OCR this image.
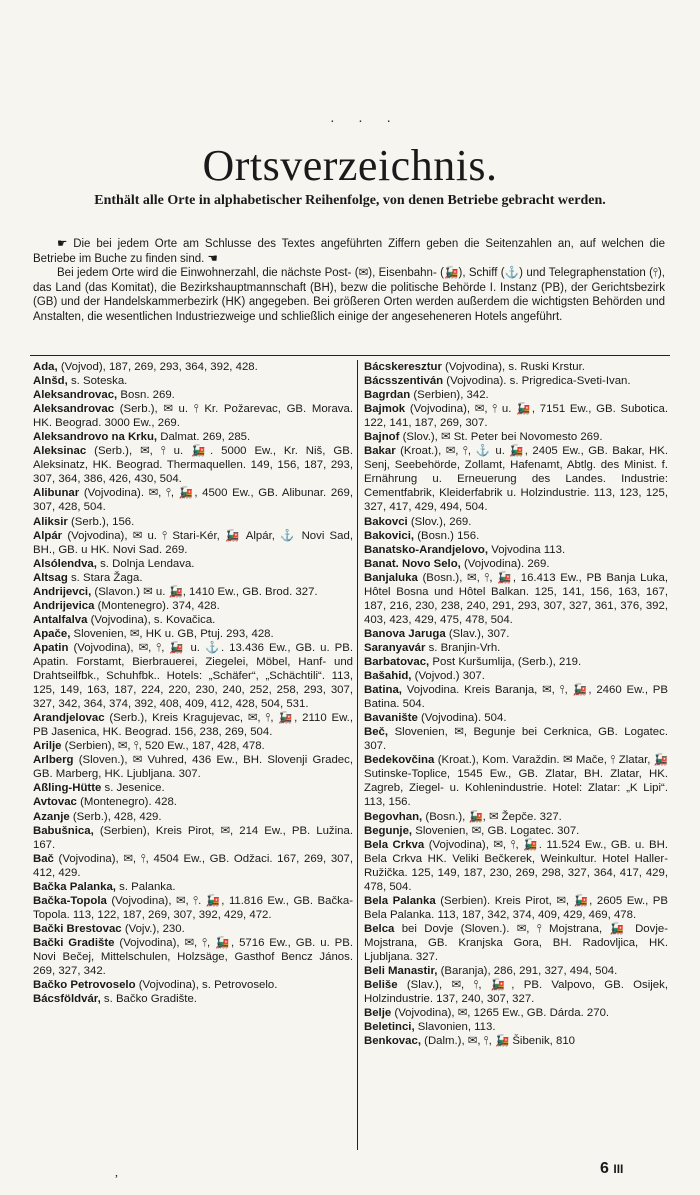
· · ·
Ortsverzeichnis.
Enthält alle Orte in alphabetischer Reihenfolge, von denen Betriebe gebracht werden.

☛ Die bei jedem Orte am Schlusse des Textes angeführten Ziffern geben die Seitenzahlen an, auf welchen die Betriebe im Buche zu finden sind. ☚

Bei jedem Orte wird die Einwohnerzahl, die nächste Post- (✉), Eisenbahn- (🚂), Schiff (⚓) und Telegraphenstation (⫯), das Land (das Komitat), die Bezirkshauptmannschaft (BH), bezw die politische Behörde I. Instanz (PB), der Gerichtsbezirk (GB) und der Handelskammerbezirk (HK) angegeben. Bei größeren Orten werden außerdem die wichtigsten Behörden und Anstalten, die wesentlichen Industriezweige und schließlich einige der angeseheneren Hotels angeführt.

Ada, (Vojvod), 187, 269, 293, 364, 392, 428.

Alnšd, s. Soteska.

Aleksandrovac, Bosn. 269.

Aleksandrovac (Serb.), ✉ u. ⫯ Kr. Požarevac, GB. Morava. HK. Beograd. 3000 Ew., 269.

Aleksandrovo na Krku, Dalmat. 269, 285.

Aleksinac (Serb.), ✉, ⫯ u. 🚂. 5000 Ew., Kr. Niš, GB. Aleksinatz, HK. Beograd. Thermaquellen. 149, 156, 187, 293, 307, 364, 386, 426, 430, 504.

Alibunar (Vojvodina). ✉, ⫯, 🚂, 4500 Ew., GB. Alibunar. 269, 307, 428, 504.

Aliksir (Serb.), 156.

Alpár (Vojvodina), ✉ u. ⫯ Stari-Kér, 🚂 Alpár, ⚓ Novi Sad, BH., GB. u HK. Novi Sad. 269.

Alsólendva, s. Dolnja Lendava.

Altsag s. Stara Žaga.

Andrijevci, (Slavon.) ✉ u. 🚂, 1410 Ew., GB. Brod. 327.

Andrijevica (Montenegro). 374, 428.

Antalfalva (Vojvodina), s. Kovačica.

Apače, Slovenien, ✉, HK u. GB, Ptuj. 293, 428.

Apatin (Vojvodina), ✉, ⫯, 🚂 u. ⚓. 13.436 Ew., GB. u. PB. Apatin. Forstamt, Bierbrauerei, Ziegelei, Möbel, Hanf- und Drahtseilfbk., Schuhfbk.. Hotels: „Schäfer“, „Schächtili“. 113, 125, 149, 163, 187, 224, 220, 230, 240, 252, 258, 293, 307, 327, 342, 364, 374, 392, 408, 409, 412, 428, 504, 531.

Arandjelovac (Serb.), Kreis Kragujevac, ✉, ⫯, 🚂, 2110 Ew., PB Jasenica, HK. Beograd. 156, 238, 269, 504.

Arilje (Serbien), ✉, ⫯, 520 Ew., 187, 428, 478.

Arlberg (Sloven.), ✉ Vuhred, 436 Ew., BH. Slovenji Gradec, GB. Marberg, HK. Ljubljana. 307.

Aßling-Hütte s. Jesenice.

Avtovac (Montenegro). 428.

Azanje (Serb.), 428, 429.

Babušnica, (Serbien), Kreis Pirot, ✉, 214 Ew., PB. Lužina. 167.

Bač (Vojvodina), ✉, ⫯, 4504 Ew., GB. Odžaci. 167, 269, 307, 412, 429.

Bačka Palanka, s. Palanka.

Bačka-Topola (Vojvodina), ✉, ⫯. 🚂, 11.816 Ew., GB. Bačka-Topola. 113, 122, 187, 269, 307, 392, 429, 472.

Bački Brestovac (Vojv.), 230.

Bački Gradište (Vojvodina), ✉, ⫯, 🚂, 5716 Ew., GB. u. PB. Novi Bečej, Mittelschulen, Holzsäge, Gasthof Bencz János. 269, 327, 342.

Bačko Petrovoselo (Vojvodina), s. Petrovoselo.

Bácsföldvár, s. Bačko Gradište.

Bácskeresztur (Vojvodina), s. Ruski Krstur.

Bácsszentiván (Vojvodina). s. Prigredica-Sveti-Ivan.

Bagrdan (Serbien), 342.

Bajmok (Vojvodina), ✉, ⫯ u. 🚂, 7151 Ew., GB. Subotica. 122, 141, 187, 269, 307.

Bajnof (Slov.), ✉ St. Peter bei Novomesto 269.

Bakar (Kroat.), ✉, ⫯, ⚓ u. 🚂, 2405 Ew., GB. Bakar, HK. Senj, Seebehörde, Zollamt, Hafenamt, Abtlg. des Minist. f. Ernährung u. Erneuerung des Landes. Industrie: Cementfabrik, Kleiderfabrik u. Holzindustrie. 113, 123, 125, 327, 417, 429, 494, 504.

Bakovci (Slov.), 269.

Bakovici, (Bosn.) 156.

Banatsko-Arandjelovo, Vojvodina 113.

Banat. Novo Selo, (Vojvodina). 269.

Banjaluka (Bosn.), ✉, ⫯, 🚂, 16.413 Ew., PB Banja Luka, Hôtel Bosna und Hôtel Balkan. 125, 141, 156, 163, 167, 187, 216, 230, 238, 240, 291, 293, 307, 327, 361, 376, 392, 403, 423, 429, 475, 478, 504.

Banova Jaruga (Slav.), 307.

Saranyavár s. Branjin-Vrh.

Barbatovac, Post Kuršumlija, (Serb.), 219.

Bašahid, (Vojvod.) 307.

Batina, Vojvodina. Kreis Baranja, ✉, ⫯, 🚂, 2460 Ew., PB Batina. 504.

Bavanište (Vojvodina). 504.

Beč, Slovenien, ✉, Begunje bei Cerknica, GB. Logatec. 307.

Bedekovčina (Kroat.), Kom. Varaždin. ✉ Mače, ⫯ Zlatar, 🚂 Sutinske-Toplice, 1545 Ew., GB. Zlatar, BH. Zlatar, HK. Zagreb, Ziegel- u. Kohlenindustrie. Hotel: Zlatar: „K Lipi“. 113, 156.

Begovhan, (Bosn.), 🚂, ✉ Žepče. 327.

Begunje, Slovenien, ✉, GB. Logatec. 307.

Bela Crkva (Vojvodina), ✉, ⫯, 🚂. 11.524 Ew., GB. u. BH. Bela Crkva HK. Veliki Bečkerek, Weinkultur. Hotel Haller-Ružička. 125, 149, 187, 230, 269, 298, 327, 364, 417, 429, 478, 504.

Bela Palanka (Serbien). Kreis Pirot, ✉, 🚂, 2605 Ew., PB Bela Palanka. 113, 187, 342, 374, 409, 429, 469, 478.

Belca bei Dovje (Sloven.). ✉, ⫯ Mojstrana, 🚂 Dovje-Mojstrana, GB. Kranjska Gora, BH. Radovljica, HK. Ljubljana. 327.

Beli Manastir, (Baranja), 286, 291, 327, 494, 504.

Beliše (Slav.), ✉, ⫯, 🚂, PB. Valpovo, GB. Osijek, Holzindustrie. 137, 240, 307, 327.

Belje (Vojvodina), ✉, 1265 Ew., GB. Dárda. 270.

Beletinci, Slavonien, 113.

Benkovac, (Dalm.), ✉, ⫯, 🚂 Šibenik, 810

,	6 III
